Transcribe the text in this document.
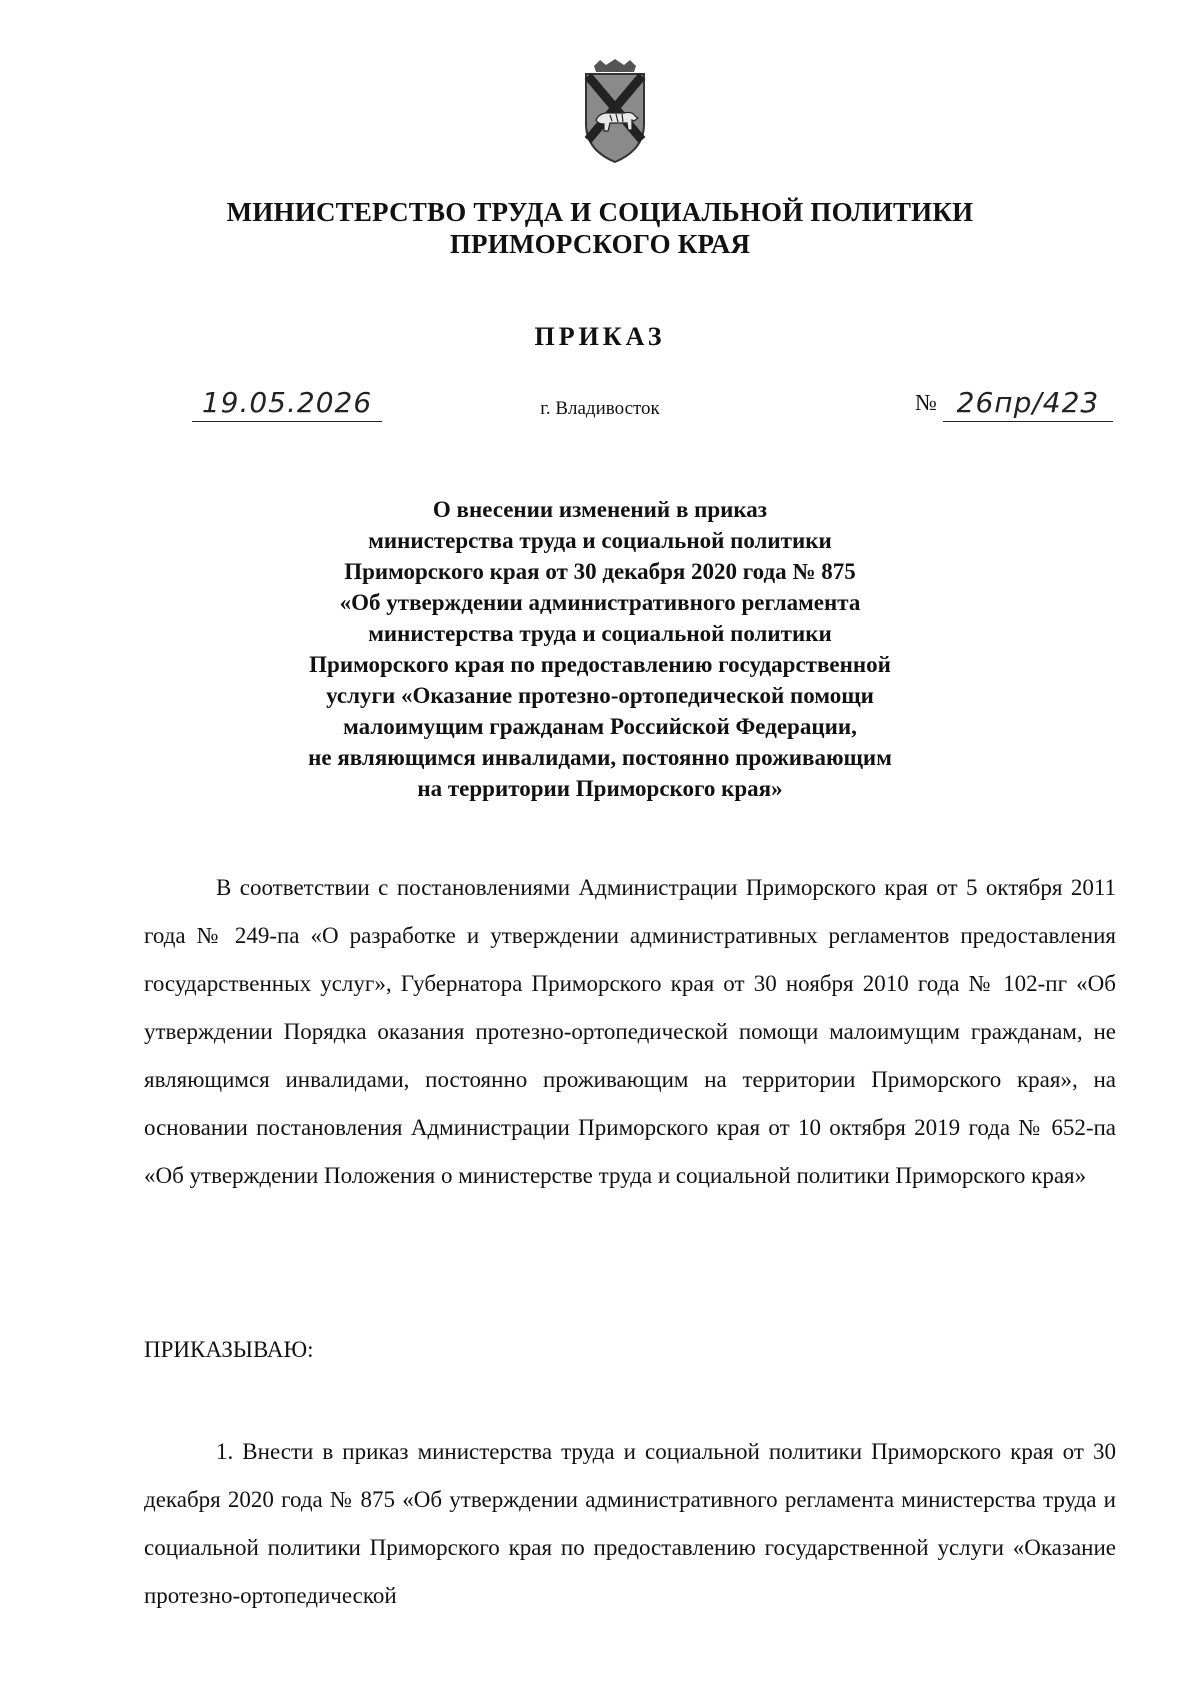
МИНИСТЕРСТВО ТРУДА И СОЦИАЛЬНОЙ ПОЛИТИКИ
ПРИМОРСКОГО КРАЯ
ПРИКАЗ
19.05.2026	г. Владивосток	№ 26пр/423
О внесении изменений в приказ
министерства труда и социальной политики
Приморского края от 30 декабря 2020 года № 875
«Об утверждении административного регламента
министерства труда и социальной политики
Приморского края по предоставлению государственной
услуги «Оказание протезно-ортопедической помощи
малоимущим гражданам Российской Федерации,
не являющимся инвалидами, постоянно проживающим
на территории Приморского края»
В соответствии с постановлениями Администрации Приморского края от 5 октября 2011 года № 249-па «О разработке и утверждении административных регламентов предоставления государственных услуг», Губернатора Приморского края от 30 ноября 2010 года № 102-пг «Об утверждении Порядка оказания протезно-ортопедической помощи малоимущим гражданам, не являющимся инвалидами, постоянно проживающим на территории Приморского края», на основании постановления Администрации Приморского края от 10 октября 2019 года № 652-па «Об утверждении Положения о министерстве труда и социальной политики Приморского края»
ПРИКАЗЫВАЮ:
1. Внести в приказ министерства труда и социальной политики Приморского края от 30 декабря 2020 года № 875 «Об утверждении административного регламента министерства труда и социальной политики Приморского края по предоставлению государственной услуги «Оказание протезно-ортопедической
